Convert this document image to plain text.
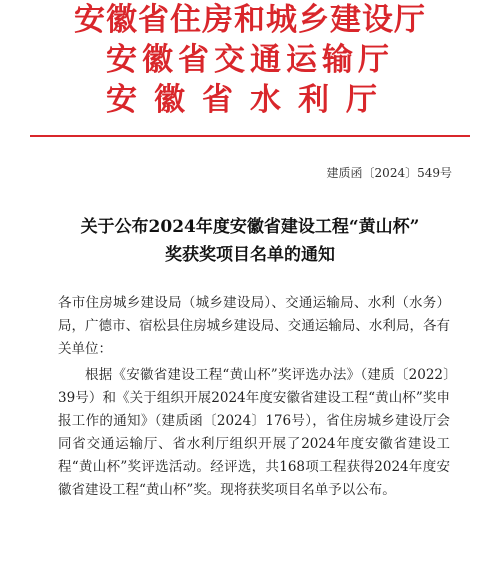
安徽省住房和城乡建设厅
安徽省交通运输厅
安徽省水利厅
建质函〔2024〕549号
关于公布2024年度安徽省建设工程“黄山杯”
奖获奖项目名单的通知
各市住房城乡建设局（城乡建设局）、交通运输局、水利（水务）局，广德市、宿松县住房城乡建设局、交通运输局、水利局，各有关单位：
根据《安徽省建设工程“黄山杯”奖评选办法》（建质〔2022〕39号）和《关于组织开展2024年度安徽省建设工程“黄山杯”奖申报工作的通知》（建质函〔2024〕176号），省住房城乡建设厅会同省交通运输厅、省水利厅组织开展了2024年度安徽省建设工程“黄山杯”奖评选活动。经评选，共168项工程获得2024年度安徽省建设工程“黄山杯”奖。现将获奖项目名单予以公布。
